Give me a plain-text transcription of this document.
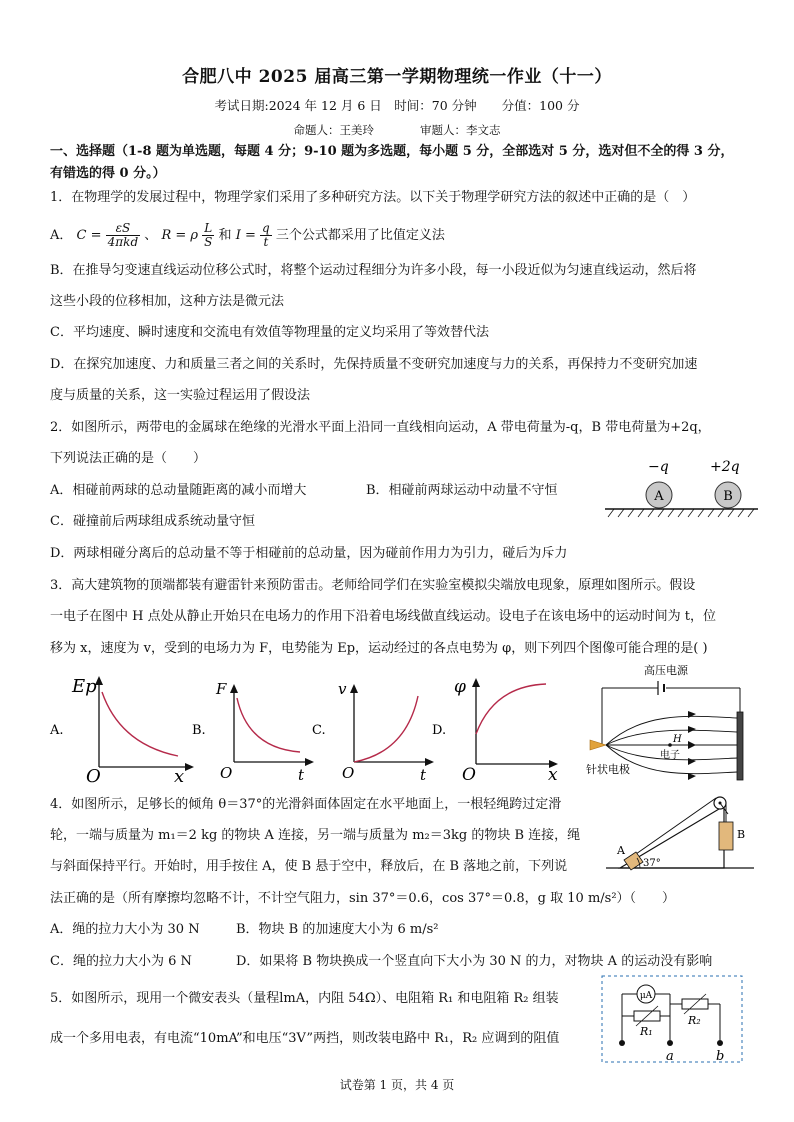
合肥八中 2025 届高三第一学期物理统一作业（十一）
考试日期:2024 年 12 月 6 日　时间：70 分钟　　分值：100 分
命题人：王美玲　　　　审题人：李文志
一、选择题（1-8 题为单选题，每题 4 分；9-10 题为多选题，每小题 5 分，全部选对 5 分，选对但不全的得 3 分，
有错选的得 0 分。）
1．在物理学的发展过程中，物理学家们采用了多种研究方法。以下关于物理学研究方法的叙述中正确的是（　）
A． $C = \frac{\varepsilon S}{\text{4πkd}}$ 、 R = ρ $\frac{L}{S}$ 和 $I = \frac{q}{t}$ 三个公式都采用了比值定义法
B．在推导匀变速直线运动位移公式时，将整个运动过程细分为许多小段，每一小段近似为匀速直线运动，然后将
这些小段的位移相加，这种方法是微元法
C．平均速度、瞬时速度和交流电有效值等物理量的定义均采用了等效替代法
D．在探究加速度、力和质量三者之间的关系时，先保持质量不变研究加速度与力的关系，再保持力不变研究加速
度与质量的关系，这一实验过程运用了假设法
2．如图所示，两带电的金属球在绝缘的光滑水平面上沿同一直线相向运动，A 带电荷量为-q，B 带电荷量为+2q，
下列说法正确的是（　　）
A．相碰前两球的总动量随距离的减小而增大	B．相碰前两球运动中动量不守恒
C．碰撞前后两球组成系统动量守恒
D．两球相碰分离后的总动量不等于相碰前的总动量，因为碰前作用力为引力，碰后为斥力
−q	+2q
A	B
3．高大建筑物的顶端都装有避雷针来预防雷击。老师给同学们在实验室模拟尖端放电现象，原理如图所示。假设
一电子在图中 H 点处从静止开始只在电场力的作用下沿着电场线做直线运动。设电子在该电场中的运动时间为 t，位
移为 x，速度为 v，受到的电场力为 F，电势能为 Ep，运动经过的各点电势为 φ，则下列四个图像可能合理的是( )
A.
Ep
x
O
B.
F
t
O
C.
v
t
O
D.
φ
x
O
高压电源
H
电子
针状电极
4．如图所示，足够长的倾角 θ＝37°的光滑斜面体固定在水平地面上，一根轻绳跨过定滑
轮，一端与质量为 m₁＝2 kg 的物块 A 连接，另一端与质量为 m₂＝3kg 的物块 B 连接，绳
与斜面保持平行。开始时，用手按住 A，使 B 悬于空中，释放后，在 B 落地之前，下列说
法正确的是（所有摩擦均忽略不计，不计空气阻力，sin 37°＝0.6，cos 37°＝0.8，g 取 10 m/s²）（　　）
A．绳的拉力大小为 30 N	B．物块 B 的加速度大小为 6 m/s²
C．绳的拉力大小为 6 N	D．如果将 B 物块换成一个竖直向下大小为 30 N 的力，对物块 A 的运动没有影响
B
A
37°
5．如图所示，现用一个微安表头（量程lmA，内阻 54Ω）、电阻箱 R₁ 和电阻箱 R₂ 组装
成一个多用电表，有电流“10mA”和电压“3V”两挡，则改装电路中 R₁，R₂ 应调到的阻值
μA
R₁
R₂
a	b
试卷第 1 页，共 4 页
